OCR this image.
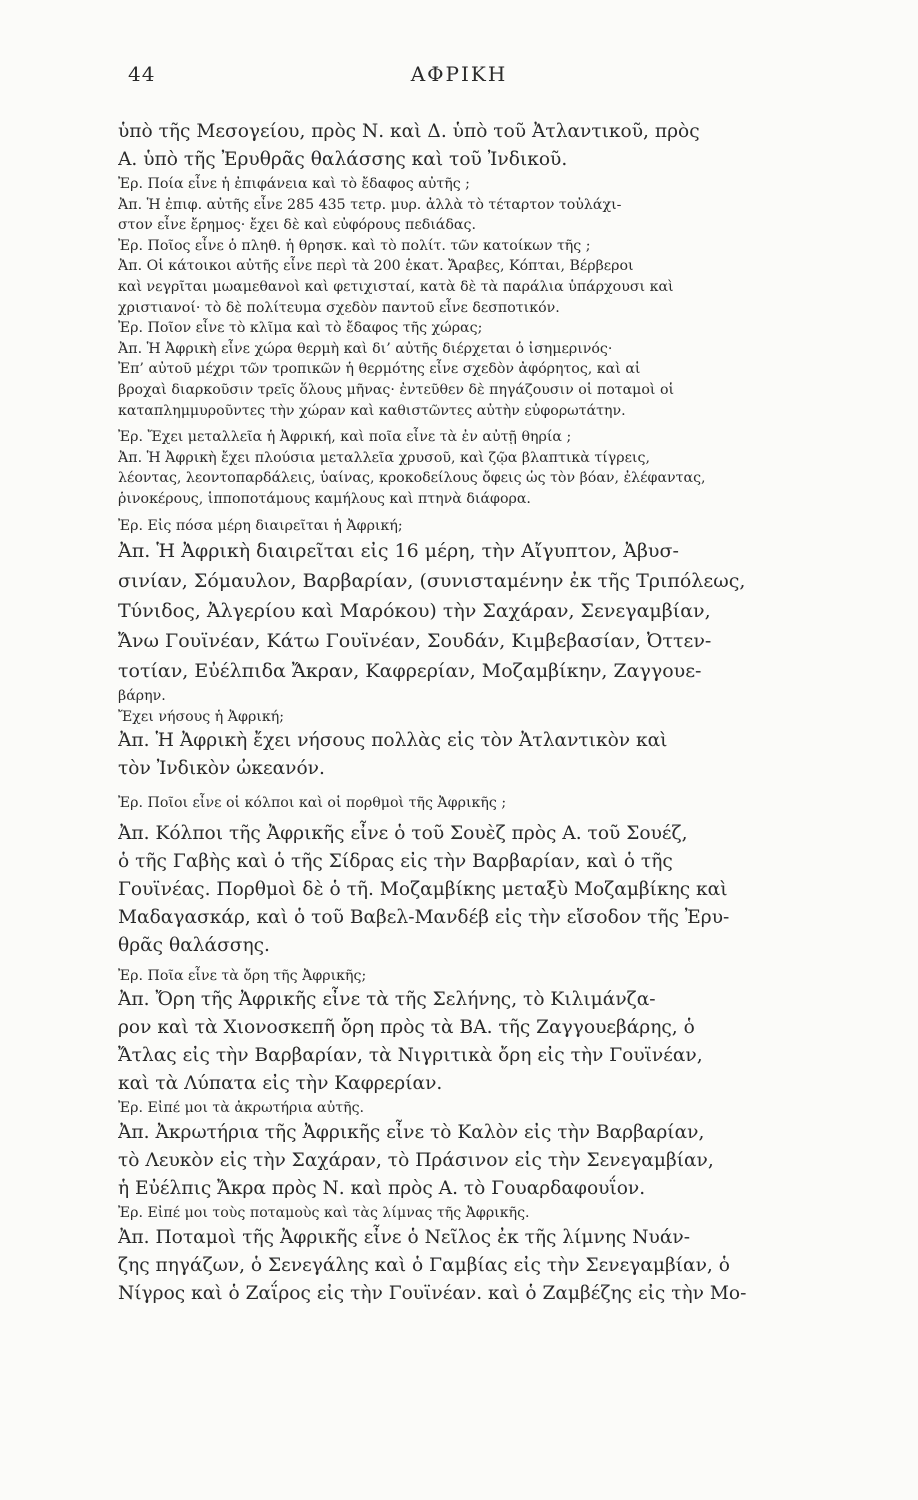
44	ΑΦΡΙΚΗ
ὑπὸ τῆς Μεσογείου, πρὸς Ν. καὶ Δ. ὑπὸ τοῦ Ἀτλαντικοῦ, πρὸς
Α. ὑπὸ τῆς Ἐρυθρᾶς θαλάσσης καὶ τοῦ Ἰνδικοῦ.
Ἐρ. Ποία εἶνε ἡ ἐπιφάνεια καὶ τὸ ἔδαφος αὐτῆς ;
Ἀπ. Ἡ ἐπιφ. αὐτῆς εἶνε 285 435 τετρ. μυρ. ἀλλὰ τὸ τέταρτον τοὐλάχι-
στον εἶνε ἔρημος· ἔχει δὲ καὶ εὐφόρους πεδιάδας.
Ἐρ. Ποῖος εἶνε ὁ πληθ. ἡ θρησκ. καὶ τὸ πολίτ. τῶν κατοίκων τῆς ;
Ἀπ. Οἱ κάτοικοι αὐτῆς εἶνε περὶ τὰ 200 ἑκατ. Ἄραβες, Κόπται, Βέρβεροι
καὶ νεγρῖται μωαμεθανοὶ καὶ φετιχισταί, κατὰ δὲ τὰ παράλια ὑπάρχουσι καὶ
χριστιανοί· τὸ δὲ πολίτευμα σχεδὸν παντοῦ εἶνε δεσποτικόν.
Ἐρ. Ποῖον εἶνε τὸ κλῖμα καὶ τὸ ἔδαφος τῆς χώρας;
Ἀπ. Ἡ Ἀφρικὴ εἶνε χώρα θερμὴ καὶ δι’ αὐτῆς διέρχεται ὁ ἰσημερινός·
Ἐπ’ αὐτοῦ μέχρι τῶν τροπικῶν ἡ θερμότης εἶνε σχεδὸν ἀφόρητος, καὶ αἱ
βροχαὶ διαρκοῦσιν τρεῖς ὅλους μῆνας· ἐντεῦθεν δὲ πηγάζουσιν οἱ ποταμοὶ οἱ
καταπλημμυροῦντες τὴν χώραν καὶ καθιστῶντες αὐτὴν εὐφορωτάτην.
Ἐρ. Ἔχει μεταλλεῖα ἡ Ἀφρική, καὶ ποῖα εἶνε τὰ ἐν αὐτῇ θηρία ;
Ἀπ. Ἡ Ἀφρικὴ ἔχει πλούσια μεταλλεῖα χρυσοῦ, καὶ ζῷα βλαπτικὰ τίγρεις,
λέοντας, λεοντοπαρδάλεις, ὑαίνας, κροκοδείλους ὄφεις ὡς τὸν βόαν, ἐλέφαντας,
ῥινοκέρους, ἱπποποτάμους καμήλους καὶ πτηνὰ διάφορα.
Ἐρ. Εἰς πόσα μέρη διαιρεῖται ἡ Ἀφρική;
Ἀπ. Ἡ Ἀφρικὴ διαιρεῖται εἰς 16 μέρη, τὴν Αἴγυπτον, Ἀβυσ-
σινίαν, Σόμαυλον, Βαρβαρίαν, (συνισταμένην ἐκ τῆς Τριπόλεως,
Τύνιδος, Ἀλγερίου καὶ Μαρόκου) τὴν Σαχάραν, Σενεγαμβίαν,
Ἄνω Γουϊνέαν, Κάτω Γουϊνέαν, Σουδάν, Κιμβεβασίαν, Ὀττεν-
τοτίαν, Εὐέλπιδα Ἄκραν, Καφρερίαν, Μοζαμβίκην, Ζαγγουε-
βάρην.
Ἔχει νήσους ἡ Ἀφρική;
Ἀπ. Ἡ Ἀφρικὴ ἔχει νήσους πολλὰς εἰς τὸν Ἀτλαντικὸν καὶ
τὸν Ἰνδικὸν ὠκεανόν.
Ἐρ. Ποῖοι εἶνε οἱ κόλποι καὶ οἱ πορθμοὶ τῆς Ἀφρικῆς ;
Ἀπ. Κόλποι τῆς Ἀφρικῆς εἶνε ὁ τοῦ Σουὲζ πρὸς Α. τοῦ Σουέζ,
ὁ τῆς Γαβὴς καὶ ὁ τῆς Σίδρας εἰς τὴν Βαρβαρίαν, καὶ ὁ τῆς
Γουϊνέας. Πορθμοὶ δὲ ὁ τῆ. Μοζαμβίκης μεταξὺ Μοζαμβίκης καὶ
Μαδαγασκάρ, καὶ ὁ τοῦ Βαβελ-Μανδέβ εἰς τὴν εἴσοδον τῆς Ἐρυ-
θρᾶς θαλάσσης.
Ἐρ. Ποῖα εἶνε τὰ ὄρη τῆς Ἀφρικῆς;
Ἀπ. Ὄρη τῆς Ἀφρικῆς εἶνε τὰ τῆς Σελήνης, τὸ Κιλιμάνζα-
ρον καὶ τὰ Χιονοσκεπῆ ὄρη πρὸς τὰ ΒΑ. τῆς Ζαγγουεβάρης, ὁ
Ἄτλας εἰς τὴν Βαρβαρίαν, τὰ Νιγριτικὰ ὄρη εἰς τὴν Γουϊνέαν,
καὶ τὰ Λύπατα εἰς τὴν Καφρερίαν.
Ἐρ. Εἰπέ μοι τὰ ἀκρωτήρια αὐτῆς.
Ἀπ. Ἀκρωτήρια τῆς Ἀφρικῆς εἶνε τὸ Καλὸν εἰς τὴν Βαρβαρίαν,
τὸ Λευκὸν εἰς τὴν Σαχάραν, τὸ Πράσινον εἰς τὴν Σενεγαμβίαν,
ἡ Εὐέλπις Ἄκρα πρὸς Ν. καὶ πρὸς Α. τὸ Γουαρδαφουΐον.
Ἐρ. Εἰπέ μοι τοὺς ποταμοὺς καὶ τὰς λίμνας τῆς Ἀφρικῆς.
Ἀπ. Ποταμοὶ τῆς Ἀφρικῆς εἶνε ὁ Νεῖλος ἐκ τῆς λίμνης Νυάν-
ζης πηγάζων, ὁ Σενεγάλης καὶ ὁ Γαμβίας εἰς τὴν Σενεγαμβίαν, ὁ
Νίγρος καὶ ὁ Ζαΐρος εἰς τὴν Γουϊνέαν. καὶ ὁ Ζαμβέζης εἰς τὴν Μο-
